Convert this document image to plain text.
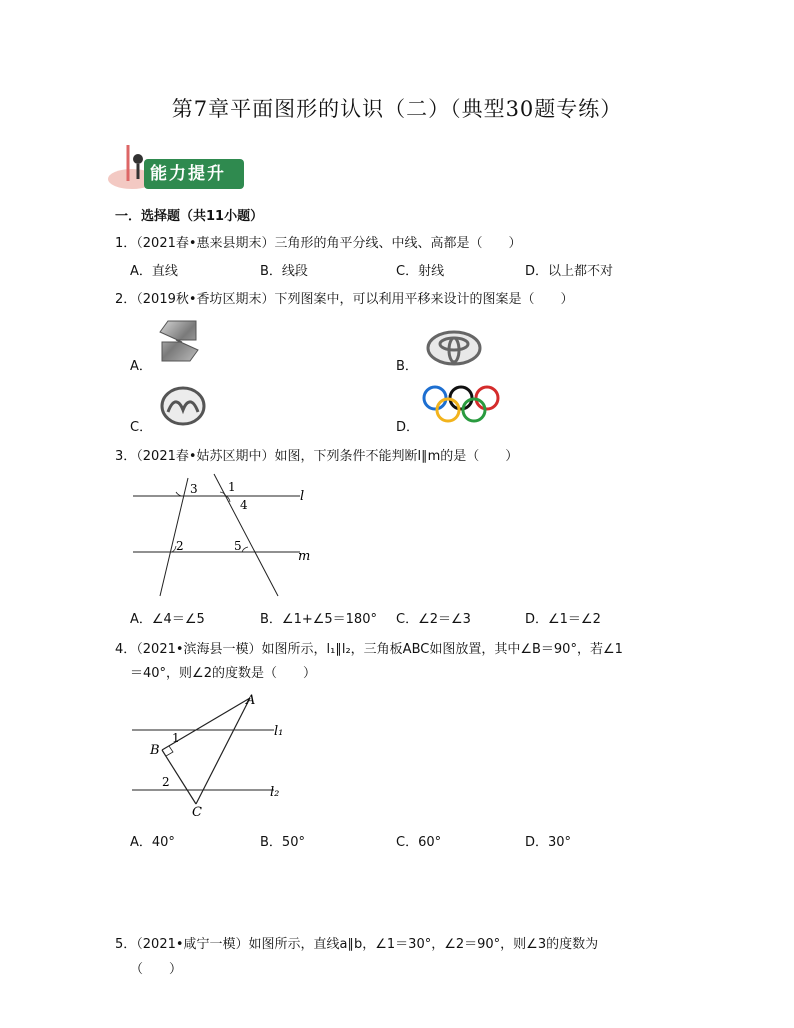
第7章平面图形的认识（二）（典型30题专练）
能力提升
一．选择题（共11小题）
1．（2021春•惠来县期末）三角形的角平分线、中线、高都是（　　）
A．直线	B．线段	C．射线	D．以上都不对
2．（2019秋•香坊区期末）下列图案中，可以利用平移来设计的图案是（　　）
A．	B．
C．	D．
3．（2021春•姑苏区期中）如图，下列条件不能判断l∥m的是（　　）
3	1
4
2	5
l
m
A．∠4＝∠5	B．∠1+∠5＝180° C．∠2＝∠3	D．∠1＝∠2
4．（2021•滨海县一模）如图所示，l₁∥l₂，三角板ABC如图放置，其中∠B＝90°，若∠1
＝40°，则∠2的度数是（　　）
A
B
C
1
2
l₁
l₂
A．40°	B．50°	C．60°	D．30°
5．（2021•咸宁一模）如图所示，直线a∥b，∠1＝30°，∠2＝90°，则∠3的度数为
（　　）
